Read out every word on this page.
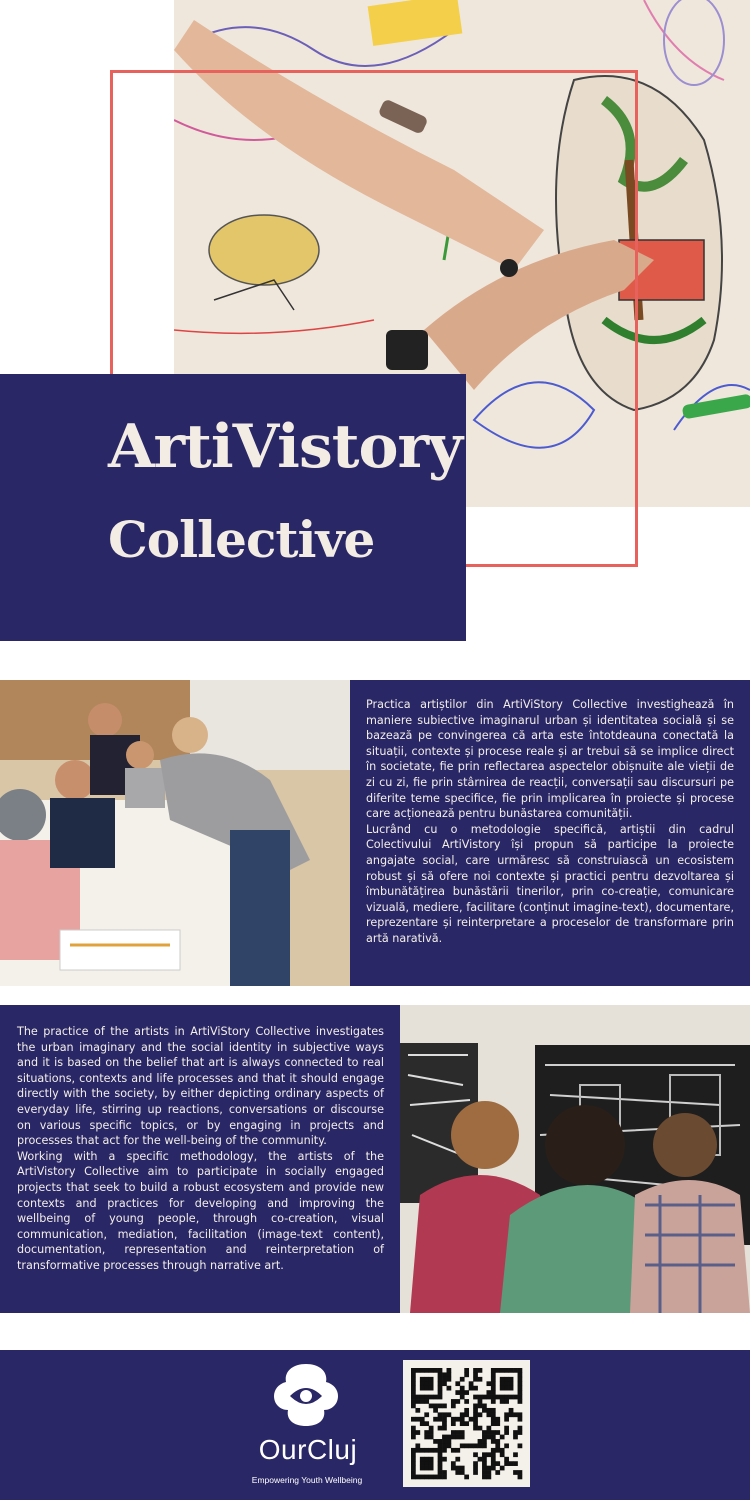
ArtiVistory
Collective

Practica artiștilor din ArtiViStory Collective investighează în maniere subiective imaginarul urban și identitatea socială și se bazează pe convingerea că arta este întotdeauna conectată la situații, contexte și procese reale și ar trebui să se implice direct în societate, fie prin reflectarea aspectelor obișnuite ale vieții de zi cu zi, fie prin stârnirea de reacții, conversații sau discursuri pe diferite teme specifice, fie prin implicarea în proiecte și procese care acționează pentru bunăstarea comunității.

Lucrând cu o metodologie specifică, artiștii din cadrul Colectivului ArtiVistory își propun să participe la proiecte angajate social, care urmăresc să construiască un ecosistem robust și să ofere noi contexte și practici pentru dezvoltarea și îmbunătățirea bunăstării tinerilor, prin co-creație, comunicare vizuală, mediere, facilitare (conținut imagine-text), documentare, reprezentare și reinterpretare a proceselor de transformare prin artă narativă.

The practice of the artists in ArtiViStory Collective investigates the urban imaginary and the social identity in subjective ways and it is based on the belief that art is always connected to real situations, contexts and life processes and that it should engage directly with the society, by either depicting ordinary aspects of everyday life, stirring up reactions, conversations or discourse on various specific topics, or by engaging in projects and processes that act for the well-being of the community.

Working with a specific methodology, the artists of the ArtiVistory Collective aim to participate in socially engaged projects that seek to build a robust ecosystem and provide new contexts and practices for developing and improving the wellbeing of young people, through co-creation, visual communication, mediation, facilitation (image-text content), documentation, representation and reinterpretation of transformative processes through narrative art.

OurCluj
Empowering Youth Wellbeing
